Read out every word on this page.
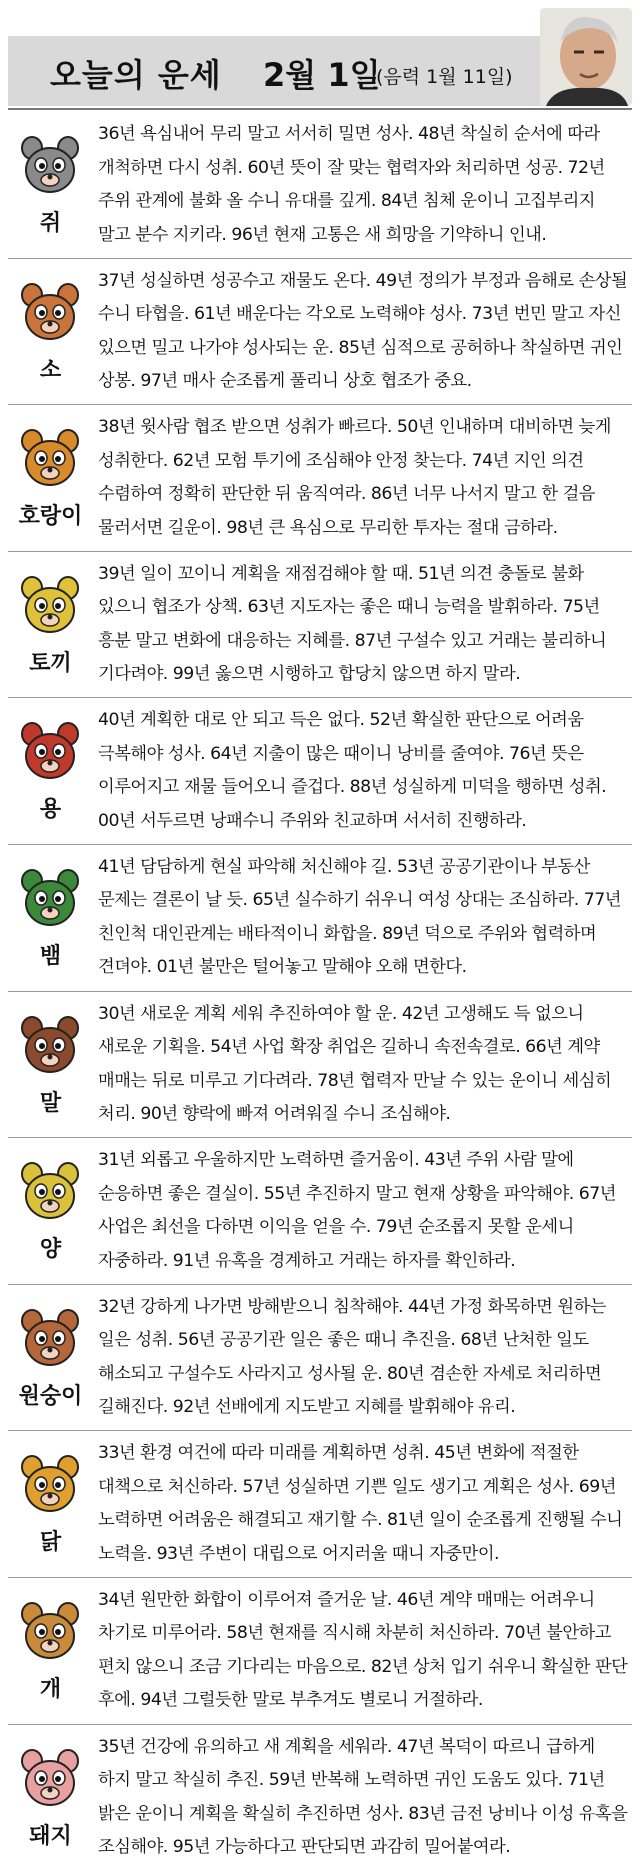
오늘의 운세 2월 1일
(음력 1월 11일)
쥐
36년 욕심내어 무리 말고 서서히 밀면 성사. 48년 착실히 순서에 따라 개척하면 다시 성취. 60년 뜻이 잘 맞는 협력자와 처리하면 성공. 72년 주위 관계에 불화 올 수니 유대를 깊게. 84년 침체 운이니 고집부리지 말고 분수 지키라. 96년 현재 고통은 새 희망을 기약하니 인내.
소
37년 성실하면 성공수고 재물도 온다. 49년 정의가 부정과 음해로 손상될 수니 타협을. 61년 배운다는 각오로 노력해야 성사. 73년 번민 말고 자신 있으면 밀고 나가야 성사되는 운. 85년 심적으로 공허하나 착실하면 귀인 상봉. 97년 매사 순조롭게 풀리니 상호 협조가 중요.
호랑이
38년 윗사람 협조 받으면 성취가 빠르다. 50년 인내하며 대비하면 늦게 성취한다. 62년 모험 투기에 조심해야 안정 찾는다. 74년 지인 의견 수렴하여 정확히 판단한 뒤 움직여라. 86년 너무 나서지 말고 한 걸음 물러서면 길운이. 98년 큰 욕심으로 무리한 투자는 절대 금하라.
토끼
39년 일이 꼬이니 계획을 재점검해야 할 때. 51년 의견 충돌로 불화 있으니 협조가 상책. 63년 지도자는 좋은 때니 능력을 발휘하라. 75년 흥분 말고 변화에 대응하는 지혜를. 87년 구설수 있고 거래는 불리하니 기다려야. 99년 옳으면 시행하고 합당치 않으면 하지 말라.
용
40년 계획한 대로 안 되고 득은 없다. 52년 확실한 판단으로 어려움 극복해야 성사. 64년 지출이 많은 때이니 낭비를 줄여야. 76년 뜻은 이루어지고 재물 들어오니 즐겁다. 88년 성실하게 미덕을 행하면 성취. 00년 서두르면 낭패수니 주위와 친교하며 서서히 진행하라.
뱀
41년 담담하게 현실 파악해 처신해야 길. 53년 공공기관이나 부동산 문제는 결론이 날 듯. 65년 실수하기 쉬우니 여성 상대는 조심하라. 77년 친인척 대인관계는 배타적이니 화합을. 89년 덕으로 주위와 협력하며 견뎌야. 01년 불만은 털어놓고 말해야 오해 면한다.
말
30년 새로운 계획 세워 추진하여야 할 운. 42년 고생해도 득 없으니 새로운 기획을. 54년 사업 확장 취업은 길하니 속전속결로. 66년 계약 매매는 뒤로 미루고 기다려라. 78년 협력자 만날 수 있는 운이니 세심히 처리. 90년 향락에 빠져 어려워질 수니 조심해야.
양
31년 외롭고 우울하지만 노력하면 즐거움이. 43년 주위 사람 말에 순응하면 좋은 결실이. 55년 추진하지 말고 현재 상황을 파악해야. 67년 사업은 최선을 다하면 이익을 얻을 수. 79년 순조롭지 못할 운세니 자중하라. 91년 유혹을 경계하고 거래는 하자를 확인하라.
원숭이
32년 강하게 나가면 방해받으니 침착해야. 44년 가정 화목하면 원하는 일은 성취. 56년 공공기관 일은 좋은 때니 추진을. 68년 난처한 일도 해소되고 구설수도 사라지고 성사될 운. 80년 겸손한 자세로 처리하면 길해진다. 92년 선배에게 지도받고 지혜를 발휘해야 유리.
닭
33년 환경 여건에 따라 미래를 계획하면 성취. 45년 변화에 적절한 대책으로 처신하라. 57년 성실하면 기쁜 일도 생기고 계획은 성사. 69년 노력하면 어려움은 해결되고 재기할 수. 81년 일이 순조롭게 진행될 수니 노력을. 93년 주변이 대립으로 어지러울 때니 자중만이.
개
34년 원만한 화합이 이루어져 즐거운 날. 46년 계약 매매는 어려우니 차기로 미루어라. 58년 현재를 직시해 차분히 처신하라. 70년 불안하고 편치 않으니 조금 기다리는 마음으로. 82년 상처 입기 쉬우니 확실한 판단 후에. 94년 그럴듯한 말로 부추겨도 별로니 거절하라.
돼지
35년 건강에 유의하고 새 계획을 세워라. 47년 복덕이 따르니 급하게 하지 말고 착실히 추진. 59년 반복해 노력하면 귀인 도움도 있다. 71년 밝은 운이니 계획을 확실히 추진하면 성사. 83년 금전 낭비나 이성 유혹을 조심해야. 95년 가능하다고 판단되면 과감히 밀어붙여라.
